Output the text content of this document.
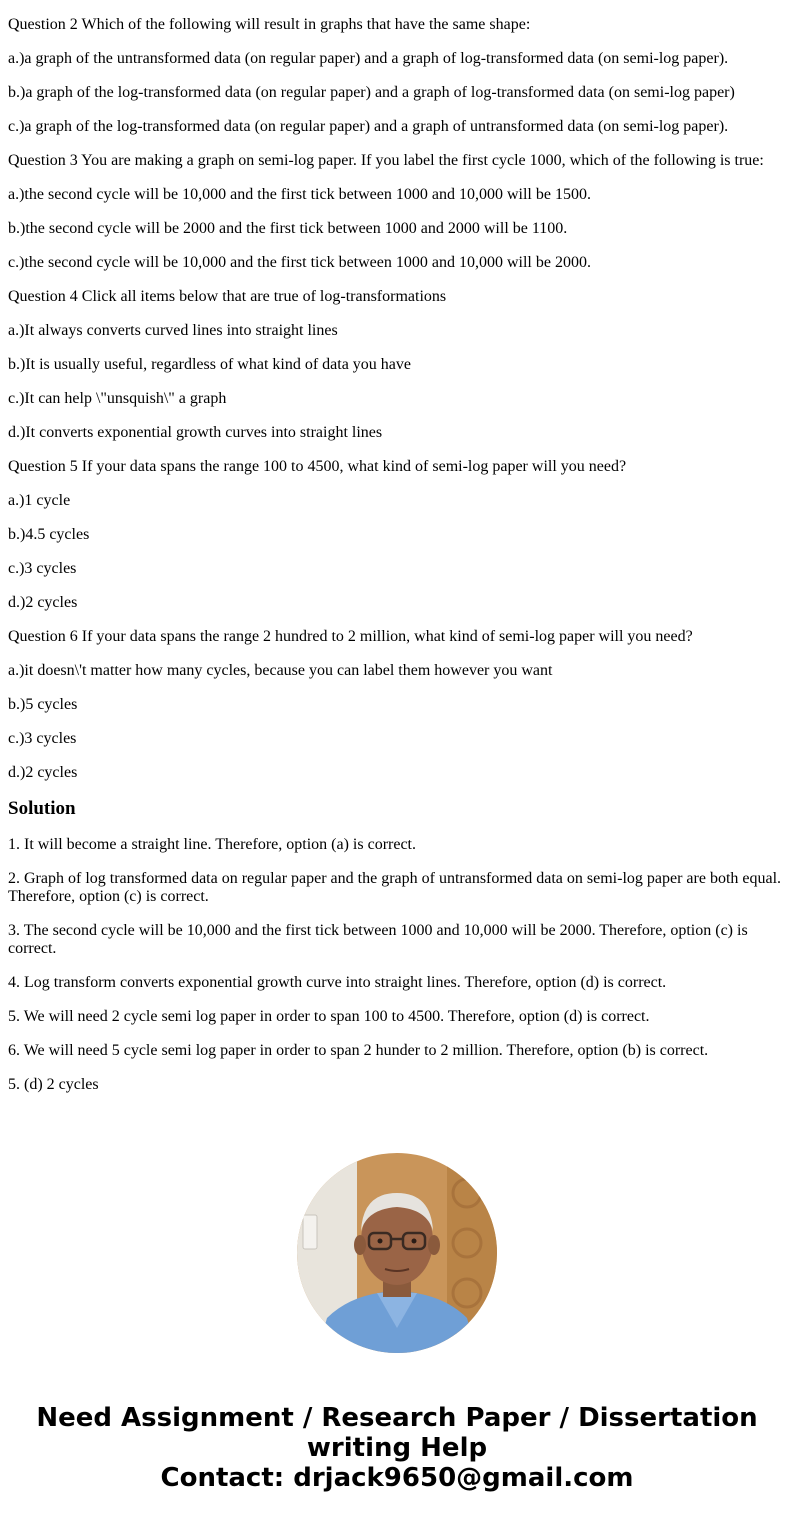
Question 2 Which of the following will result in graphs that have the same shape:

a.)a graph of the untransformed data (on regular paper) and a graph of log-transformed data (on semi-log paper).

b.)a graph of the log-transformed data (on regular paper) and a graph of log-transformed data (on semi-log paper)

c.)a graph of the log-transformed data (on regular paper) and a graph of untransformed data (on semi-log paper).

Question 3 You are making a graph on semi-log paper. If you label the first cycle 1000, which of the following is true:

a.)the second cycle will be 10,000 and the first tick between 1000 and 10,000 will be 1500.

b.)the second cycle will be 2000 and the first tick between 1000 and 2000 will be 1100.

c.)the second cycle will be 10,000 and the first tick between 1000 and 10,000 will be 2000.

Question 4 Click all items below that are true of log-transformations

a.)It always converts curved lines into straight lines

b.)It is usually useful, regardless of what kind of data you have

c.)It can help \"unsquish\" a graph

d.)It converts exponential growth curves into straight lines

Question 5 If your data spans the range 100 to 4500, what kind of semi-log paper will you need?

a.)1 cycle

b.)4.5 cycles

c.)3 cycles

d.)2 cycles

Question 6 If your data spans the range 2 hundred to 2 million, what kind of semi-log paper will you need?

a.)it doesn\'t matter how many cycles, because you can label them however you want

b.)5 cycles

c.)3 cycles

d.)2 cycles

Solution

1. It will become a straight line. Therefore, option (a) is correct.

2. Graph of log transformed data on regular paper and the graph of untransformed data on semi-log paper are both equal. Therefore, option (c) is correct.

3. The second cycle will be 10,000 and the first tick between 1000 and 10,000 will be 2000. Therefore, option (c) is correct.

4. Log transform converts exponential growth curve into straight lines. Therefore, option (d) is correct.

5. We will need 2 cycle semi log paper in order to span 100 to 4500. Therefore, option (d) is correct.

6. We will need 5 cycle semi log paper in order to span 2 hunder to 2 million. Therefore, option (b) is correct.

5. (d) 2 cycles

Need Assignment / Research Paper / Dissertation
writing Help
Contact: drjack9650@gmail.com
